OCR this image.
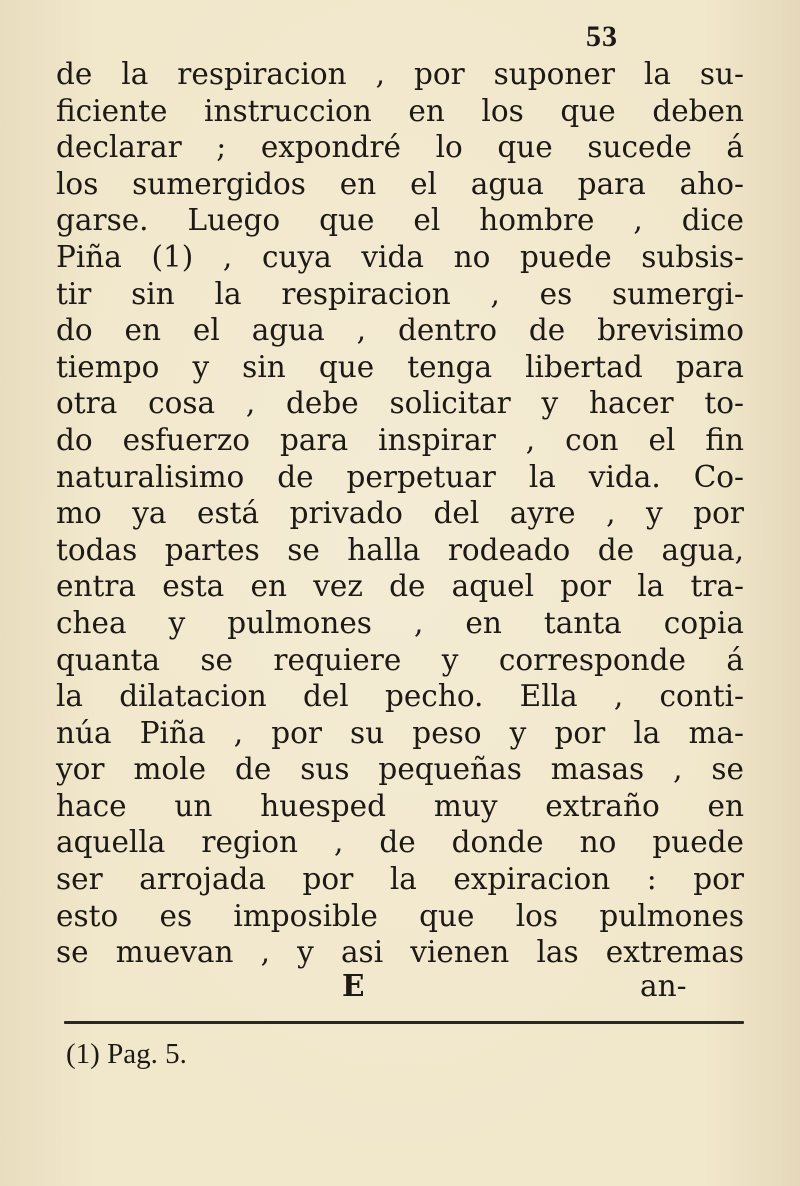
53
de la respiracion , por suponer la su-
ficiente instruccion en los que deben
declarar ; expondré lo que sucede á
los sumergidos en el agua para aho-
garse. Luego que el hombre , dice
Piña (1) , cuya vida no puede subsis-
tir sin la respiracion , es sumergi-
do en el agua , dentro de brevisimo
tiempo y sin que tenga libertad para
otra cosa , debe solicitar y hacer to-
do esfuerzo para inspirar , con el fin
naturalisimo de perpetuar la vida. Co-
mo ya está privado del ayre , y por
todas partes se halla rodeado de agua,
entra esta en vez de aquel por la tra-
chea y pulmones , en tanta copia
quanta se requiere y corresponde á
la dilatacion del pecho. Ella , conti-
núa Piña , por su peso y por la ma-
yor mole de sus pequeñas masas , se
hace un huesped muy extraño en
aquella region , de donde no puede
ser arrojada por la expiracion : por
esto es imposible que los pulmones
se muevan , y asi vienen las extremas
E	an-
(1) Pag. 5.
